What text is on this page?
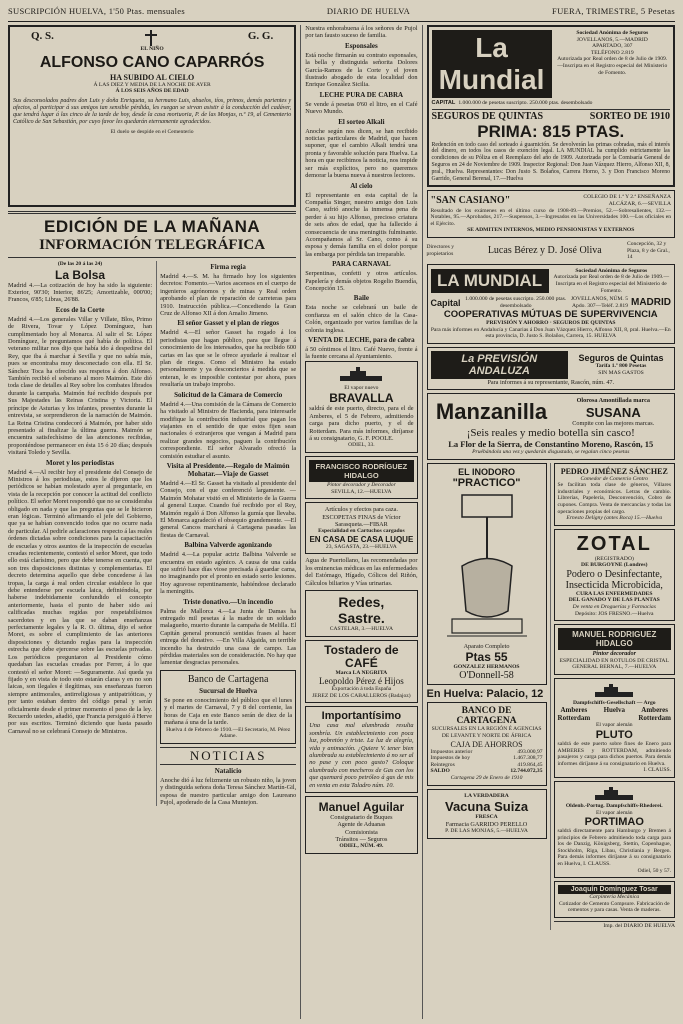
SUSCRIPCIÓN HUELVA, 1'50 Ptas. mensuales	DIARIO DE HUELVA	FUERA, TRIMESTRE, 5 Pesetas
Q. S.	G. G.
EL NIÑO
ALFONSO CANO CAPARRÓS
HA SUBIDO AL CIELO
Á LAS DIEZ Y MEDIA DE LA NOCHE DE AYER
Á LOS SEIS AÑOS DE EDAD
Sus desconsolados padres don Luis y doña Enriqueta, su hermano Luis, abuelos, tíos, primos, demás parientes y afectos, al participar á sus amigos tan sensible pérdida, les ruegan se sirvan asistir á la conducción del cadáver, que tendrá lugar á las cinco de la tarde de hoy, desde la casa mortuoria, P. de las Monjas, n.º 19, al Cementerio Católico de San Sebastián, por cuyo favor les quedarán eternamente agradecidos.
El duelo se despide en el Cementerio
EDICIÓN DE LA MAÑANA
INFORMACIÓN TELEGRÁFICA
(De las 20 á las 24)
La Bolsa
Madrid 4.—La cotización de hoy ha sido la siguiente: Exterior, 90'30; Interior, 86'25; Amortizable, 000'00; Francos, 6'85; Libras, 26'88.
Ecos de la Corte
Madrid 4.—Los generales Villar y Villate, Blos, Primo de Rivera, Tovar y López Domínguez, han cumplimentado hoy al Monarca. Al salir el Sr. López Domínguez, le preguntamos qué había de política. El veterano militar nos dijo que había ido á despedirse del Rey, que iba á marchar á Sevilla y que no sabía más, pues se encontraba muy desconectado con ella. El Sr. Sánchez Toca ha ofrecido sus respetos á don Alfonso. También recibió el soberano al moro Maimón. Este dió toda clase de detalles al Rey sobre los combates librados durante la campaña. Maimón fué recibido después por Sus Majestades las Reinas Cristina y Victoria. El príncipe de Asturias y los infantes, presentes durante la entrevista, se sorprendieron de la narración de Maimón. La Reina Cristina condecoró á Maimón, por haber sido presentado al finalizar la última guerra. Maimón se encuentra satisfechísimo de las atenciones recibidas, proponiéndose permanecer en ésta 15 ó 20 días; después visitará Toledo y Sevilla.
Moret y los periodistas
Madrid 4.—Al recibir hoy el presidente del Consejo de Ministros á los periodistas, estos le dijeron que los periódicos se habían molestado ayer al preguntarle, en vista de la recepción por conocer la actitud del conflicto político. El señor Moret respondió que no se consideraba obligado en nada y que las preguntas que se le hicieron eran lógicas. Terminó afirmando el jefe del Gobierno, que ya se habían convencido todos que no ocurre nada de particular. Al pedirle aclaraciones respecto á las reales órdenes dictadas sobre condiciones para la capacitación de escuelas y otros asuntos de la inspección de escuelas creadas recientemente, contestó el señor Moret, que todo ello está clarísimo, pero que debe tenerse en cuenta, que son tres disposiciones distintas y complementarias. El decreto determina aquello que debe concederse á las tropas, la carga á real orden circular establece lo que debe entenderse por escuela laica, definiéndola, por haberse indebidamente confundido el concepto anteriormente, hasta el punto de haber sido así calificadas muchas regidas por respetabilísimos sacerdotes y en las que se daban enseñanzas perfectamente legales y la R. O. última, dijo el señor Moret, es sobre el cumplimiento de las anteriores disposiciones y dictando reglas para la inspección estrecha que debe ejercerse sobre las escuelas privadas. Los periódicos preguntaron al Presidente cómo quedaban las escuelas creadas por Ferrer, á lo que contestó el señor Moret: —Seguramente. Así queda ya fijado y en vista de todo esto estarán claras y en no son laicas, son ilegales é ilegítimas, sus enseñanzas fueron siempre antimorales, antirreligiosas y antipatrióticas, y por tanto estaban dentro del código penal y serán oficialmente desde el primer momento el peso de la ley. Recuerdo ustedes, añadió, que Francia persiguió á Herve por sus escritos. Terminó diciendo que hasta pasado Carnaval no se celebrará Consejo de Ministros.
Firma regia
Madrid 4.—S. M. ha firmado hoy los siguientes decretos: Fomento.—Varios ascensos en el cuerpo de ingenieros agrónomos y de minas y Real orden aprobando el plan de reparación de carreteras para 1910. Instrucción pública.—Concediendo la Gran Cruz de Alfonso XII á don Amalio Jimeno.
El señor Gasset y el plan de riegos
Madrid 4.—El señor Gasset ha rogado á los periodistas que hagan público, para que llegue á conocimiento de los interesados, que ha recibido 600 cartas en las que se le ofrece ayudarle á realizar el plan de riegos. Como el Ministro ha estado personalmente y ya desconciertos á medida que se enteran, le es imposible contestar por ahora, pues resultaría un trabajo improbo.
Solicitud de la Cámara de Comercio
Madrid 4.—Una comisión de la Cámara de Comercio ha visitado al Ministro de Hacienda, para interesarle modifique la contribución industrial que pagan los viajantes en el sentido de que estos fijen sean nacionales ó extranjeros que vengan á Madrid para realizar grandes negocios, paguen la contribución correspondiente. El señor Alvarado ofreció la comisión estudiar el asunto.
Visita al Presidente.—Regalo de Maimón Mohatar.—Viaje de Gasset
Madrid 4.—El Sr. Gasset ha visitado al presidente del Consejo, con el que conferenció largamente. —Maimón Mohatar visitó en el Ministerio de la Guerra al general Luque. Cuando fué recibido por el Rey, Maimón regaló á Don Alfonso la gumía que llevaba. El Monarca agradeció el obsequio grandemente. —El general Cancos marchará á Cartagena pasadas las fiestas de Carnaval.
Balbina Valverde agonizando
Madrid 4.—La popular actriz Balbina Valverde se encuentra en estado agónico. A causa de una caída que sufrió hace días viose precisada á guardar cama, no imaginando por el pronto en estado serio lesiones. Hoy agravose repentinamente, habiéndose declarado la meningitis.
Triste donativo.—Un incendio
Palma de Mallorca 4.—La Junta de Damas ha entregado mil pesetas á la madre de un soldado malagueño, muerto durante la campaña de Melilla. El Capitán general pronunció sentidas frases al hacer entrega del donativo. —En Villa Algaida, un terrible incendio ha destruido una casa de campo. Las pérdidas materiales son de consideración. No hay que lamentar desgracias personales.
Banco de Cartagena
Sucursal de Huelva
Se pone en conocimiento del público que el lunes y el martes de Carnaval, 7 y 8 del corriente, las horas de Caja en este Banco serán de diez de la mañana á una de la tarde.
Huelva 4 de Febrero de 1910.—El Secretario, M. Pérez Adame.
NOTICIAS
Natalicio
Anoche dió á luz felizmente un robusto niño, la joven y distinguida señora doña Teresa Sánchez Martín-Gil, esposa de nuestro particular amigo don Laureano Pujol, apoderado de la Casa Muntejon.
Nuestra enhorabuena á los señores de Pujol por tan fausto suceso de familia.
Esponsales
Está noche firmarán su contrato esponsales, la bella y distinguida señorita Dolores García-Ramos de la Corte y el joven ilustrado abogado de esta localidad don Enrique González Sicilia.
LECHE PURA DE CABRA
Se vende á pesetas 0'60 el litro, en el Café Nuevo Mundo.
El sorteo Alkali
Anoche según nos dicen, se han recibido noticias particulares de Madrid, que hacen suponer, que el cambio Alkali tendrá una pronta y favorable solución para Huelva. La hora en que recibimos la noticia, nos impide ser más explícitos, pero no queremos demorar la buena nueva á nuestros lectores.
Al cielo
El representante en esta capital de la Compañía Singer, nuestro amigo don Luis Cano, sufrió anoche la inmensa pena de perder á su hijo Alfonso, precioso criatura de seis años de edad, que ha fallecido á consecuencia de una meningitis fulminante. Acompañamos al Sr. Cano, como á su esposa y demás familia en el dolor porque las embarga por pérdida tan irreparable.
PARA CARNAVAL
Serpentinas, confetti y otros artículos. Papelería y demás objetos Rogelio Buendía, Concepción 15.
Baile
Esta noche se celebrará un baile de confianza en el salón chico de la Casa-Colón, organizado por varios familias de la colonia inglesa.
VENTA DE LECHE, para de cabra
á 50 céntimos el litro. Café Nuevo, frente á la fuente cercana al Ayuntamiento.
El vapor nuevo
BRAVALLA
saldrá de este puerto, directo, para el de Amberes, el 5 de Febrero, admitiendo carga para dicho puerto, y el de Rotterdam. Para más informes, diríjanse á su consignatario, G. F. POOLE.
ODIEL, 33.
FRANCISCO RODRÍGUEZ HIDALGO
Pintor decorador y Decorador
SEVILLA, 12.—HUELVA
Artículos y efectos para caza. ESCOPETAS FINAS de Víctor Sarasqueta.—FIBAR
Especialidad en Cartuchos cargados
EN CASA DE CASA LUQUE
23, SAGASTA, 23.—HUELVA
Agua de Puertollano, las recomendadas por los eminencias médicas en las enfermedades del Estómago, Hígado, Cólicos del Riñón, Cálculos biliarios y Vías urinarias.
Redes,
Sastre.
CASTELAR, 3.—HUELVA
Tostadero de CAFÉ
Marca LA NEGRITA
Leopoldo Pérez é Hijos
Exportación á toda España
JEREZ DE LOS CABALLEROS (Badajoz)
Importantísimo
Una casa mal alumbrada resulta sombría. Un establecimiento con poca luz, pobretón y triste. La luz de alegría, vida y animación. ¿Quiere V. tener bien alumbrada su establecimiento á no ser al no pase y con poco gasto? Coloque alumbrado con mecheros de Gas con los que quemará poco petróleo á gas de mis en venta en esta Taladro núm. 10.
Manuel Aguilar
Consignatario de Buques
Agente de Aduanas
Comisionista
Tránsitos — Seguros
ODIEL, NÚM. 49.
La Mundial
Sociedad Anónima de Seguros
JOVELLANOS, 5.—MADRID
APARTADO, 307
TELÉFONO 2.819
Autorizada por Real orden de 8 de Julio de 1909.—Inscripta en el Registro especial del Ministerio de Fomento.
CAPITAL 1.000.000 de pesetas suscripto. 250.000 ptas. desembolsado
SEGUROS DE QUINTAS	SORTEO DE 1910
PRIMA: 815 PTAS.
Redención en todo caso del sorteado á guarnición. Se devolverán las primas cobradas, más el interés del dinero, en todos los casos de exención legal. LA MUNDIAL ha cumplido estrictamente las condiciones de su Póliza en el Reemplazo del año de 1909. Autorizada por la Comisaría General de Seguros en 24 de Noviembre de 1909. Inspector Regional: Don Juan Vázquez Hierro, Alfonso XII, 8, pral., Huelva. Representantes: Don Justo S. Bolaños, Carrera Horno, 3. y Don Francisco Moreno Garrido, General Berenal, 17.—Huelva
"SAN CASIANO"	COLEGIO DE 1.ª Y 2.ª ENSEÑANZA
ALCÁZAR, 6.—SEVILLA
Resultado de los exámenes en el último curso de 1908-09.—Premios, 52.—Sobresalientes, 132.—Notables, 95.—Aprobados, 217.—Suspensos, 3.—Ingresados en las Universidades 100.—Los oficiales en el Ejército.
SE ADMITEN INTERNOS, MEDIO PENSIONISTAS Y EXTERNOS
Directores y propietarios	Lucas Bérez y D. José Oliva
Concepción, 32 y Plaza, 8 y de Gral., 14
LA MUNDIAL
Sociedad Anónima de Seguros
Autorizada por Real orden de 8 de Julio de 1909.—Inscripta en el Registro especial del Ministerio de Fomento.
Capital 1.000.000 de pesetas suscripto. 250.000 ptas. desembolsado
JOVELLANOS, NÚM. 5
Apdo. 307—Teléf. 2.819 MADRID
COOPERATIVAS MÚTUAS DE SUPERVIVENCIA
PREVISIÓN Y AHORRO · SEGUROS DE QUINTAS
Para más informes en Andalucía y Canarias á Don Juan Vázquez Hierro, Alfonso XII, 8, pral. Huelva.—En esta provincia, D. Justo S. Bolaños, Carrera, 15. HUELVA
La PREVISIÓN ANDALUZA
Seguros de Quintas
Tarifa 1.º 800 Pesetas
SIN MAS GASTOS
Para informes á su representante, Rascón, núm. 47.
Manzanilla	Olorosa Amontillada marca
SUSANA
Compite con las mejores marcas.
¡Seis reales y medio botella sin casco!
La Flor de la Sierra, de Constantino Moreno, Rascón, 15
Pruébándola una vez y quedarán disgustado, se regalan cinco pesetas
EL INODORO
"PRACTICO"
Aparato Completo
Ptas 55
GONZALEZ HERMANOS
O'Donnell-58
En Huelva: Palacio, 12
BANCO DE CARTAGENA
SUCURSALES EN LA REGIÓN É AGENCIAS DE LEVANTE Y NORTE DE ÁFRICA
CAJA DE AHORROS
Impuestos anterior	493.000,97
Impuestos de hoy	1.467.308,77
Reintegros	419.864,45
SALDO	12.744.072,35
Cartagena 29 de Enero de 1910
LA VERDADERA
Vacuna Suiza
FRESCA
Farmacia GARRIDO PERELLO
P. DE LAS MONJAS, 5.—HUELVA
PEDRO JIMÉNEZ SÁNCHEZ
Comedor de Comercio Centro
Se facilitan toda clase de géneros, Villares industriales y económicos. Letras de cambio. Librerías, Papelería, Desconvención, Cobro de cupones. Compra. Venta de mercancías y todas las operaciones propias del cargo.
Ernesto Deligny (antes Boca) 15.—Huelva
ZOTAL
(REGISTRADO)
DE BURGOYNE (Londres)
Podero o Desinfectante,
Insecticida Microbicida,
CURA LAS ENFERMEDADES
DEL GANADO Y DE LAS PLANTAS
De venta en Droguerías y Farmacias
Depósito: JOS FRESNO.—Huelva
MANUEL RODRIGUEZ HIDALGO
Pintor decorador
ESPECIALIDAD EN ROTULOS DE CRISTAL
GENERAL BERNAL, 7.—HUELVA
Dampfschiffs-Gesellschaft — Argo
Amberes
Rotterdam
Huelva	Amberes
Rotterdam
El vapor alemán
PLUTO
saldrá de este puerto sobre fines de Enero para AMBERES y ROTTERDAM, admitiendo pasajeros y carga para dichos puertos. Para demás informes diríjanse á su consignatario en Huelva.
I. CLAUSS.
Oldenb.-Portug. Dampfschiffs-Rhederei.
El vapor alemán
PORTIMAO
saldrá directamente para Hamburgo y Bremen á principios de Febrero admitiendo toda carga para los de Danzig, Königsberg, Stettin, Copenhague, Stockholm, Riga, Libau, Christiania y Bergen. Para demás informes diríjanse á su consignatario en Huelva, I. CLAUSS.
Odiel, 50 y 57.
Joaquín Domínguez Tosar
Carpintería Mecánica
Cotizador de Cemento Compsure. Fabricación de cementos y para casas. Venta de maderas.
Imp. del DIARIO DE HUELVA
